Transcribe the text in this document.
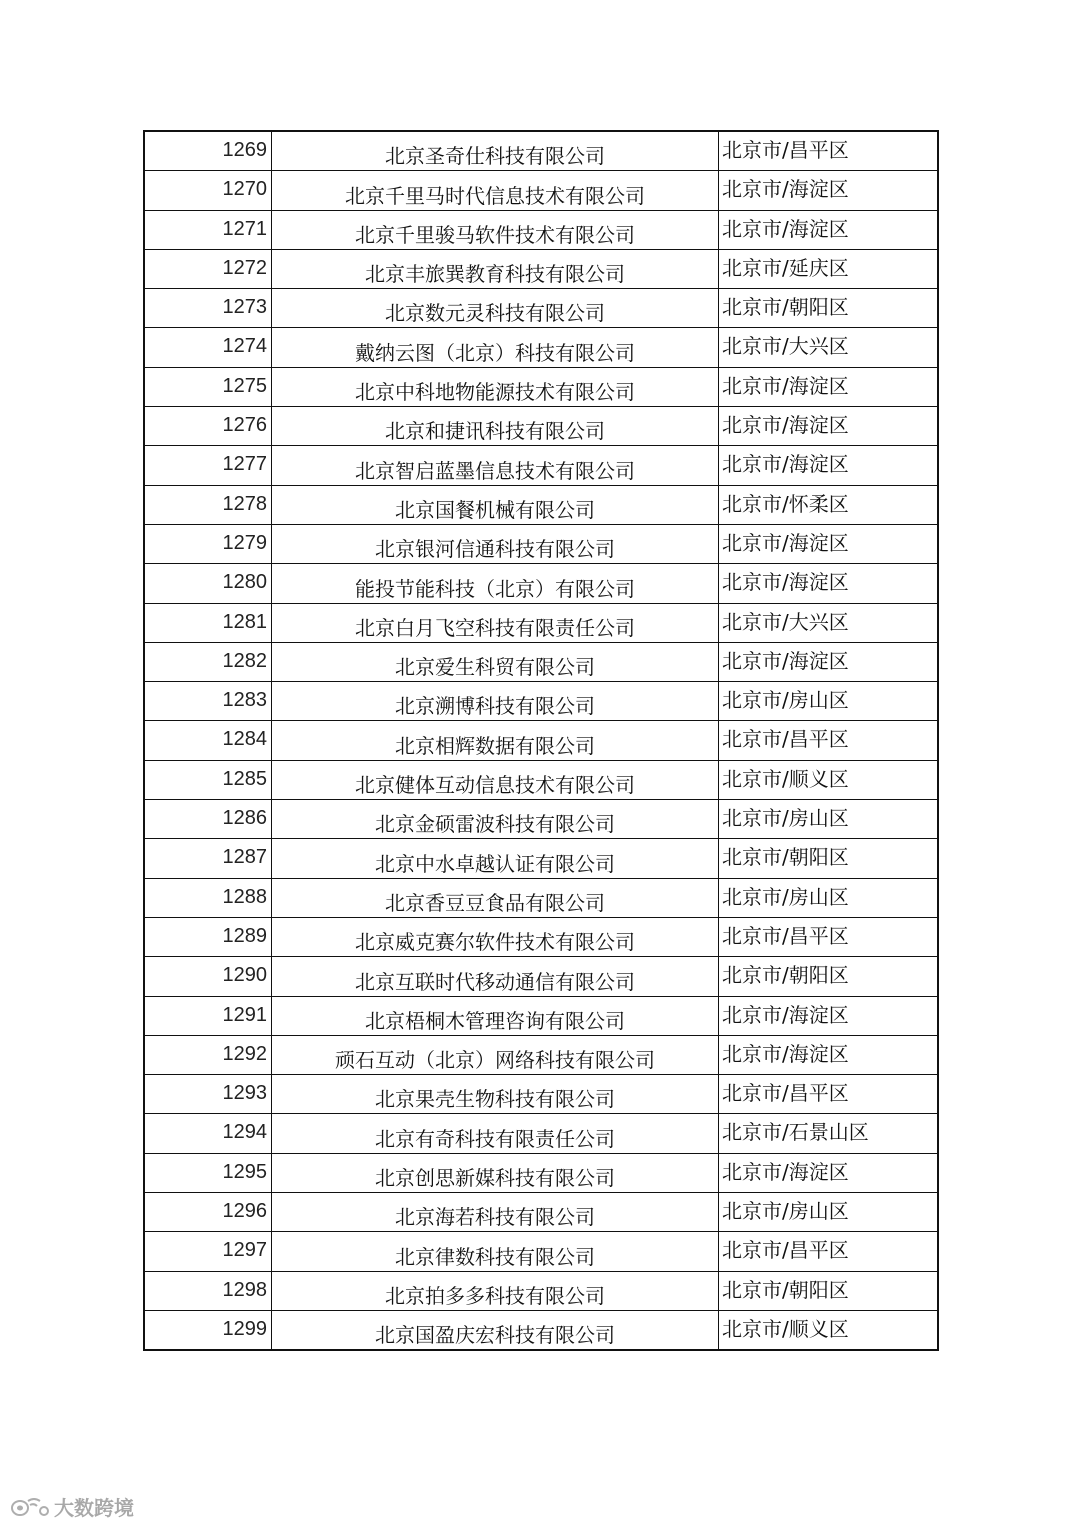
1269	北京圣奇仕科技有限公司	北京市/昌平区
1270	北京千里马时代信息技术有限公司	北京市/海淀区
1271	北京千里骏马软件技术有限公司	北京市/海淀区
1272	北京丰旅巽教育科技有限公司	北京市/延庆区
1273	北京数元灵科技有限公司	北京市/朝阳区
1274	戴纳云图（北京）科技有限公司	北京市/大兴区
1275	北京中科地物能源技术有限公司	北京市/海淀区
1276	北京和捷讯科技有限公司	北京市/海淀区
1277	北京智启蓝墨信息技术有限公司	北京市/海淀区
1278	北京国餐机械有限公司	北京市/怀柔区
1279	北京银河信通科技有限公司	北京市/海淀区
1280	能投节能科技（北京）有限公司	北京市/海淀区
1281	北京白月飞空科技有限责任公司	北京市/大兴区
1282	北京爱生科贸有限公司	北京市/海淀区
1283	北京溯博科技有限公司	北京市/房山区
1284	北京相辉数据有限公司	北京市/昌平区
1285	北京健体互动信息技术有限公司	北京市/顺义区
1286	北京金硕雷波科技有限公司	北京市/房山区
1287	北京中水卓越认证有限公司	北京市/朝阳区
1288	北京香豆豆食品有限公司	北京市/房山区
1289	北京威克赛尔软件技术有限公司	北京市/昌平区
1290	北京互联时代移动通信有限公司	北京市/朝阳区
1291	北京梧桐木管理咨询有限公司	北京市/海淀区
1292	顽石互动（北京）网络科技有限公司	北京市/海淀区
1293	北京果壳生物科技有限公司	北京市/昌平区
1294	北京有奇科技有限责任公司	北京市/石景山区
1295	北京创思新媒科技有限公司	北京市/海淀区
1296	北京海若科技有限公司	北京市/房山区
1297	北京律数科技有限公司	北京市/昌平区
1298	北京拍多多科技有限公司	北京市/朝阳区
1299	北京国盈庆宏科技有限公司	北京市/顺义区
大数跨境
